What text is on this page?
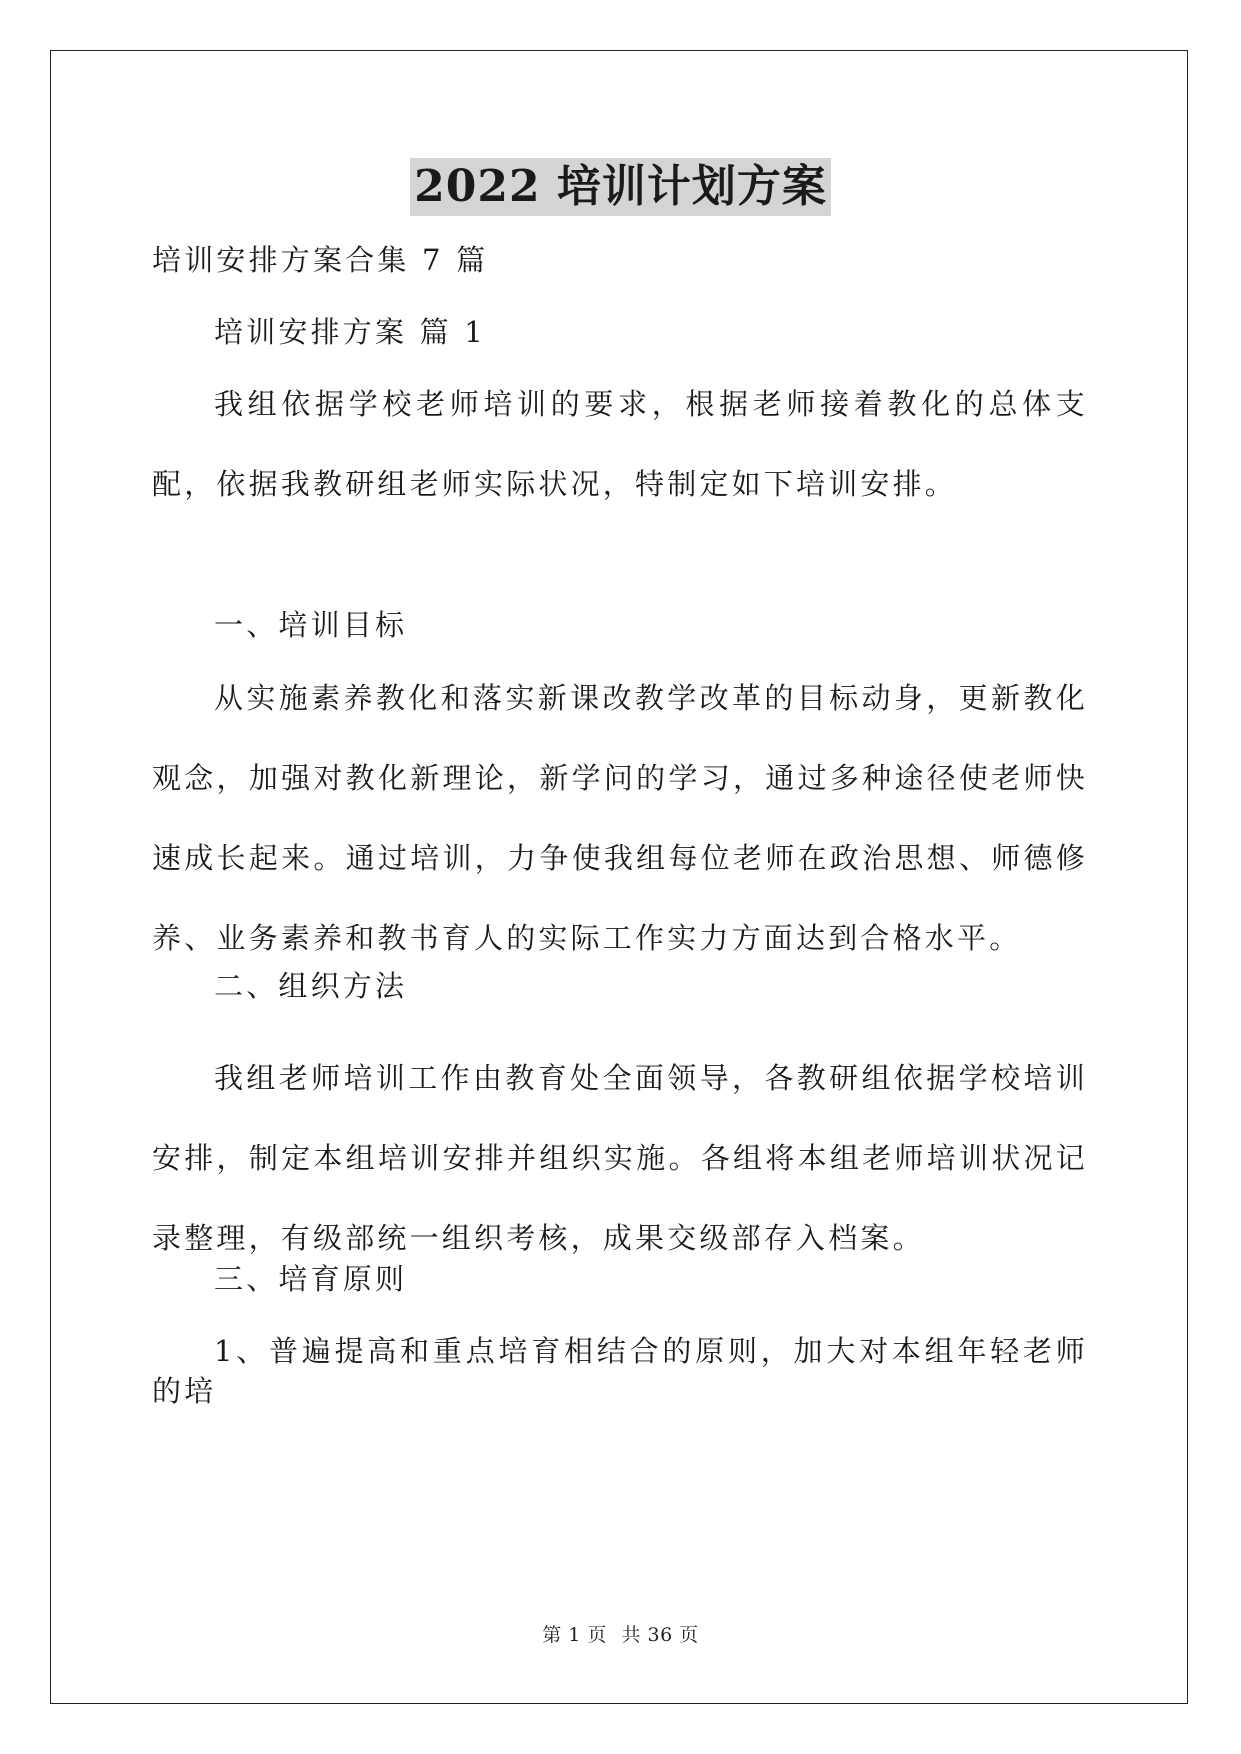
2022 培训计划方案

培训安排方案合集 7 篇

培训安排方案 篇 1

我组依据学校老师培训的要求，根据老师接着教化的总体支配，依据我教研组老师实际状况，特制定如下培训安排。

一、培训目标

从实施素养教化和落实新课改教学改革的目标动身，更新教化观念，加强对教化新理论，新学问的学习，通过多种途径使老师快速成长起来。通过培训，力争使我组每位老师在政治思想、师德修养、业务素养和教书育人的实际工作实力方面达到合格水平。

二、组织方法

我组老师培训工作由教育处全面领导，各教研组依据学校培训安排，制定本组培训安排并组织实施。各组将本组老师培训状况记录整理，有级部统一组织考核，成果交级部存入档案。

三、培育原则

1、普遍提高和重点培育相结合的原则，加大对本组年轻老师的培

第 1 页 共 36 页
